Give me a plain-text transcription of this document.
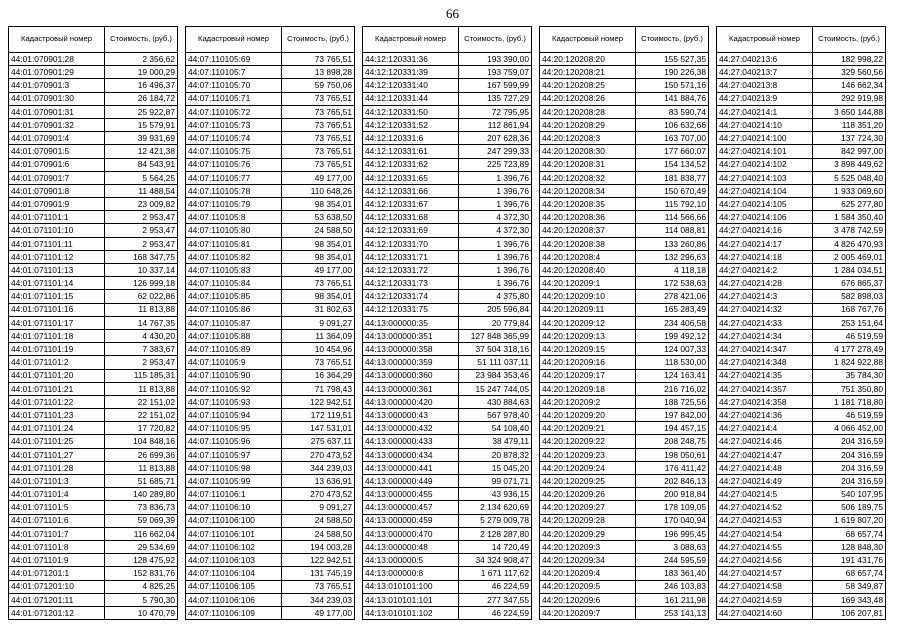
66
Кадастровый номер	Стоимость, (руб.)
44:01:070901:28	2 356,62
44:01:070901:29	19 000,29
44:01:070901:3	16 496,37
44:01:070901:30	26 184,72
44:01:070901:31	25 922,87
44:01:070901:32	15 579,91
44:01:070901:4	39 931,69
44:01:070901:5	12 421,38
44:01:070901:6	84 543,91
44:01:070901:7	5 564,25
44:01:070901:8	11 488,54
44:01:070901:9	23 009,82
44:01:071101:1	2 953,47
44:01:071101:10	2 953,47
44:01:071101:11	2 953,47
44:01:071101:12	168 347,75
44:01:071101:13	10 337,14
44:01:071101:14	126 999,18
44:01:071101:15	62 022,86
44:01:071101:16	11 813,88
44:01:071101:17	14 767,35
44:01:071101:18	4 430,20
44:01:071101:19	7 383,67
44:01:071101:2	2 953,47
44:01:071101:20	115 185,31
44:01:071101:21	11 813,88
44:01:071101:22	22 151,02
44:01:071101:23	22 151,02
44:01:071101:24	17 720,82
44:01:071101:25	104 848,16
44:01:071101:27	26 699,36
44:01:071101:28	11 813,88
44:01:071101:3	51 685,71
44:01:071101:4	140 289,80
44:01:071101:5	73 836,73
44:01:071101:6	59 069,39
44:01:071101:7	116 662,04
44:01:071101:8	29 534,69
44:01:071101:9	128 475,92
44:01:071201:1	152 831,76
44:01:071201:10	4 825,25
44:01:071201:11	5 790,30
44:01:071201:12	10 470,79
Кадастровый номер	Стоимость, (руб.)
44:07:110105:69	73 765,51
44:07:110105:7	13 898,28
44:07:110105:70	59 750,06
44:07:110105:71	73 765,51
44:07:110105:72	73 765,51
44:07:110105:73	73 765,51
44:07:110105:74	73 765,51
44:07:110105:75	73 765,51
44:07:110105:76	73 765,51
44:07:110105:77	49 177,00
44:07:110105:78	110 648,26
44:07:110105:79	98 354,01
44:07:110105:8	53 638,50
44:07:110105:80	24 588,50
44:07:110105:81	98 354,01
44:07:110105:82	98 354,01
44:07:110105:83	49 177,00
44:07:110105:84	73 765,51
44:07:110105:85	98 354,01
44:07:110105:86	31 802,63
44:07:110105:87	9 091,27
44:07:110105:88	11 364,09
44:07:110105:89	10 454,96
44:07:110105:9	73 765,51
44:07:110105:90	16 364,29
44:07:110105:92	71 798,43
44:07:110105:93	122 942,51
44:07:110105:94	172 119,51
44:07:110105:95	147 531,01
44:07:110105:96	275 637,11
44:07:110105:97	270 473,52
44:07:110105:98	344 239,03
44:07:110105:99	13 636,91
44:07:110106:1	270 473,52
44:07:110106:10	9 091,27
44:07:110106:100	24 588,50
44:07:110106:101	24 588,50
44:07:110106:102	194 003,28
44:07:110106:103	122 942,51
44:07:110106:104	131 745,19
44:07:110106:105	73 765,51
44:07:110106:106	344 239,03
44:07:110106:109	49 177,00
Кадастровый номер	Стоимость, (руб.)
44:12:120331:36	193 390,00
44:12:120331:39	193 759,07
44:12:120331:40	167 599,99
44:12:120331:44	135 727,29
44:12:120331:50	72 795,95
44:12:120331:52	112 861,94
44:12:120331:6	207 628,36
44:12:120331:61	247 299,33
44:12:120331:62	225 723,89
44:12:120331:65	1 396,76
44:12:120331:66	1 396,76
44:12:120331:67	1 396,76
44:12:120331:68	4 372,30
44:12:120331:69	4 372,30
44:12:120331:70	1 396,76
44:12:120331:71	1 396,76
44:12:120331:72	1 396,76
44:12:120331:73	1 396,76
44:12:120331:74	4 375,80
44:12:120331:75	205 596,84
44:13:000000:35	20 779,84
44:13:000000:351	127 848 365,99
44:13:000000:358	37 504 318,16
44:13:000000:359	51 111 037,11
44:13:000000:360	23 984 353,46
44:13:000000:361	15 247 744,05
44:13:000000:420	430 884,63
44:13:000000:43	567 978,40
44:13:000000:432	54 108,40
44:13:000000:433	38 479,11
44:13:000000:434	20 878,32
44:13:000000:441	15 045,20
44:13:000000:449	99 071,71
44:13:000000:455	43 936,15
44:13:000000:457	2 134 620,69
44:13:000000:459	5 279 009,78
44:13:000000:470	2 128 287,80
44:13:000000:48	14 720,49
44:13:000000:5	34 324 908,47
44:13:000000:8	1 671 117,62
44:13:010101:100	46 224,59
44:13:010101:101	277 347,55
44:13:010101:102	46 224,59
Кадастровый номер	Стоимость, (руб.)
44:20:120208:20	155 527,35
44:20:120208:21	190 226,38
44:20:120208:25	150 571,16
44:20:120208:26	141 884,76
44:20:120208:28	83 590,74
44:20:120208:29	106 632,66
44:20:120208:3	163 707,00
44:20:120208:30	177 660,07
44:20:120208:31	154 134,52
44:20:120208:32	181 838,77
44:20:120208:34	150 670,49
44:20:120208:35	115 792,10
44:20:120208:36	114 566,66
44:20:120208:37	114 088,81
44:20:120208:38	133 260,86
44:20:120208:4	132 296,63
44:20:120208:40	4 118,18
44:20:120209:1	172 538,63
44:20:120209:10	278 421,06
44:20:120209:11	165 283,49
44:20:120209:12	234 406,58
44:20:120209:13	199 492,12
44:20:120209:15	124 007,33
44:20:120209:16	118 530,00
44:20:120209:17	124 163,41
44:20:120209:18	216 716,02
44:20:120209:2	188 725,56
44:20:120209:20	197 842,00
44:20:120209:21	194 457,15
44:20:120209:22	208 248,75
44:20:120209:23	198 050,61
44:20:120209:24	176 411,42
44:20:120209:25	202 846,13
44:20:120209:26	200 918,84
44:20:120209:27	178 109,05
44:20:120209:28	170 040,94
44:20:120209:29	196 995,45
44:20:120209:3	3 088,63
44:20:120209:34	244 595,59
44:20:120209:4	183 361,40
44:20:120209:5	246 103,83
44:20:120209:6	161 211,98
44:20:120209:7	253 141,13
Кадастровый номер	Стоимость, (руб.)
44:27:040213:6	182 998,22
44:27:040213:7	329 560,56
44:27:040213:8	146 662,34
44:27:040213:9	292 919,98
44:27:040214:1	3 650 144,88
44:27:040214:10	118 351,20
44:27:040214:100	137 724,30
44:27:040214:101	842 997,00
44:27:040214:102	3 898 449,62
44:27:040214:103	5 525 048,40
44:27:040214:104	1 933 069,60
44:27:040214:105	625 277,80
44:27:040214:106	1 584 350,40
44:27:040214:16	3 478 742,59
44:27:040214:17	4 826 470,93
44:27:040214:18	2 005 469,01
44:27:040214:2	1 284 034,51
44:27:040214:28	676 865,37
44:27:040214:3	582 898,03
44:27:040214:32	168 767,76
44:27:040214:33	253 151,64
44:27:040214:34	46 519,59
44:27:040214:347	4 177 278,49
44:27:040214:348	1 824 922,88
44:27:040214:35	35 784,30
44:27:040214:357	751 350,80
44:27:040214:358	1 181 718,80
44:27:040214:36	46 519,59
44:27:040214:4	4 066 452,00
44:27:040214:46	204 316,59
44:27:040214:47	204 316,59
44:27:040214:48	204 316,59
44:27:040214:49	204 316,59
44:27:040214:5	540 107,95
44:27:040214:52	506 189,75
44:27:040214:53	1 619 807,20
44:27:040214:54	68 657,74
44:27:040214:55	128 848,30
44:27:040214:56	191 431,76
44:27:040214:57	68 657,74
44:27:040214:58	58 349,87
44:27:040214:59	169 343,48
44:27:040214:60	106 207,81
